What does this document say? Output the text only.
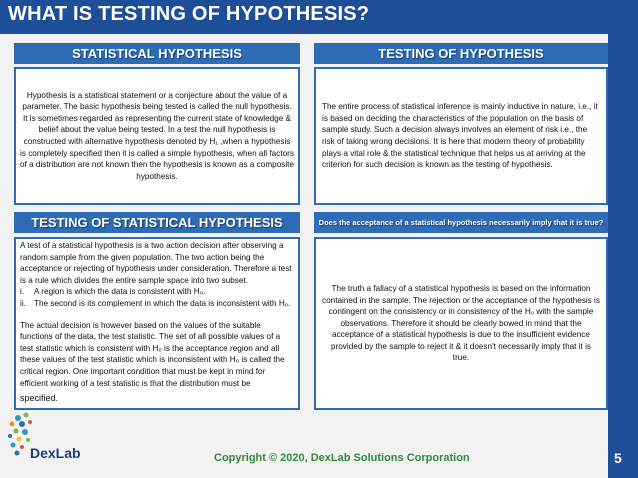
WHAT IS TESTING OF HYPOTHESIS?
STATISTICAL HYPOTHESIS	TESTING OF HYPOTHESIS
Hypothesis is a statistical statement or a conjecture about the value of a parameter. The basic hypothesis being tested is called the null hypothesis. It is sometimes regarded as representing the current state of knowledge & belief about the value being tested. In a test the null hypothesis is constructed with alternative hypothesis denoted by H₁ ,when a hypothesis is completely specified then it is called a simple hypothesis, when all factors of a distribution are not known then the hypothesis is known as a composite hypothesis.
The entire process of statistical inference is mainly inductive in nature, i.e., it is based on deciding the characteristics of the population on the basis of sample study. Such a decision always involves an element of risk i.e., the risk of taking wrong decisions. It is here that modern theory of probability plays a vital role & the statistical technique that helps us at arriving at the criterion for such decision is known as the testing of hypothesis.
TESTING OF STATISTICAL HYPOTHESIS	Does the acceptance of a statistical hypothesis necessarily imply that it is true?

A test of a statistical hypothesis is a two action decision after observing a random sample from the given population. The two action being the acceptance or rejecting of hypothesis under consideration. Therefore a test is a rule which divides the entire sample space into two subset.

i.	A region is which the data is consistent with H₀.
ii. The second is its complement in which the data is inconsistent with H₀.

The actual decision is however based on the values of the suitable functions of the data, the test statistic. The set of all possible values of a test statistic which is consistent with H₀ is the acceptance region and all these values of the test statistic which is inconsistent with H₀ is called the critical region. One important condition that must be kept in mind for efficient working of a test statistic is that the distribution must be

specified.

The truth a fallacy of a statistical hypothesis is based on the information contained in the sample. The rejection or the acceptance of the hypothesis is contingent on the consistency or in consistency of the H₀ with the sample observations. Therefore it should be clearly bowed in mind that the acceptance of a statistical hypothesis is due to the insufficient evidence provided by the sample to reject it & it doesn't necessarily imply that it is true.
DexLab	Copyright © 2020, DexLab Solutions Corporation	5
